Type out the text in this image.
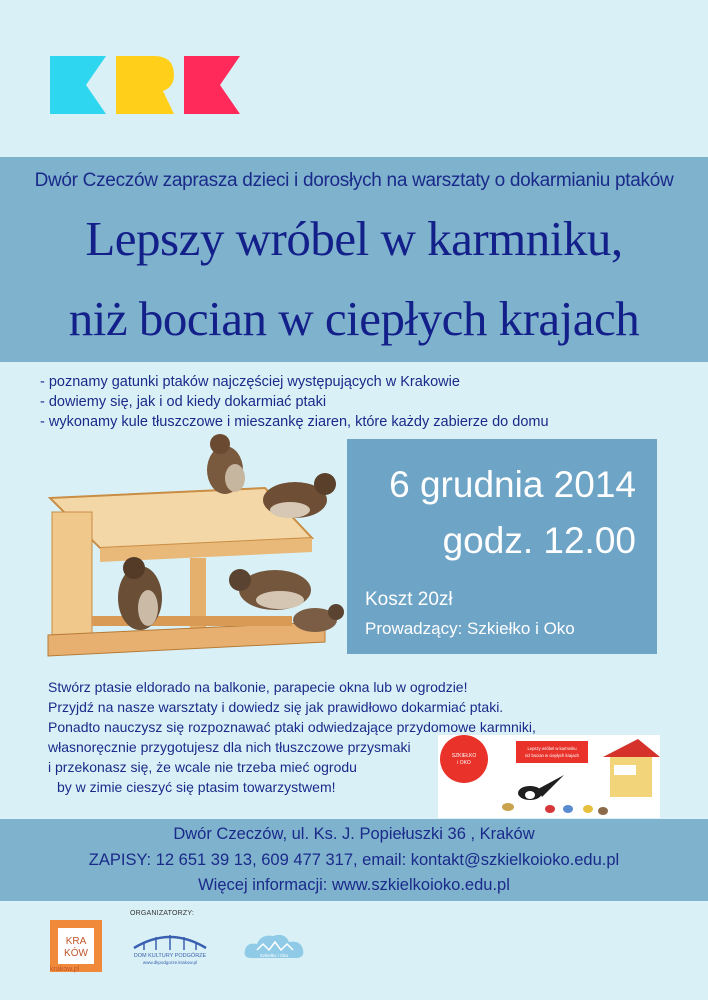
Dwór Czeczów zaprasza dzieci i dorosłych na warsztaty o dokarmianiu ptaków
Lepszy wróbel w karmniku,
niż bocian w ciepłych krajach
- poznamy gatunki ptaków najczęściej występujących w Krakowie
- dowiemy się, jak i od kiedy dokarmiać ptaki
- wykonamy kule tłuszczowe i mieszankę ziaren, które każdy zabierze do domu
6 grudnia 2014
godz. 12.00
Koszt 20zł
Prowadzący: Szkiełko i Oko
Stwórz ptasie eldorado na balkonie, parapecie okna lub w ogrodzie!
Przyjdź na nasze warsztaty i dowiedz się jak prawidłowo dokarmiać ptaki.
Ponadto nauczysz się rozpoznawać ptaki odwiedzające przydomowe karmniki,
własnoręcznie przygotujesz dla nich tłuszczowe przysmaki
i przekonasz się, że wcale nie trzeba mieć ogrodu
by w zimie cieszyć się ptasim towarzystwem!
SZKIEŁKO
i OKO
Lepszy wróbel w karmniku
niż bocian w ciepłych krajach
Dwór Czeczów, ul. Ks. J. Popiełuszki 36 , Kraków
ZAPISY: 12 651 39 13, 609 477 317, email: kontakt@szkielkoioko.edu.pl
Więcej informacji: www.szkielkoioko.edu.pl
ORGANIZATORZY:
KRA
KÓW
krakow.pl
DOM KULTURY PODGÓRZE
www.dkpodgorze.krakow.pl
Szkiełko i Oko
